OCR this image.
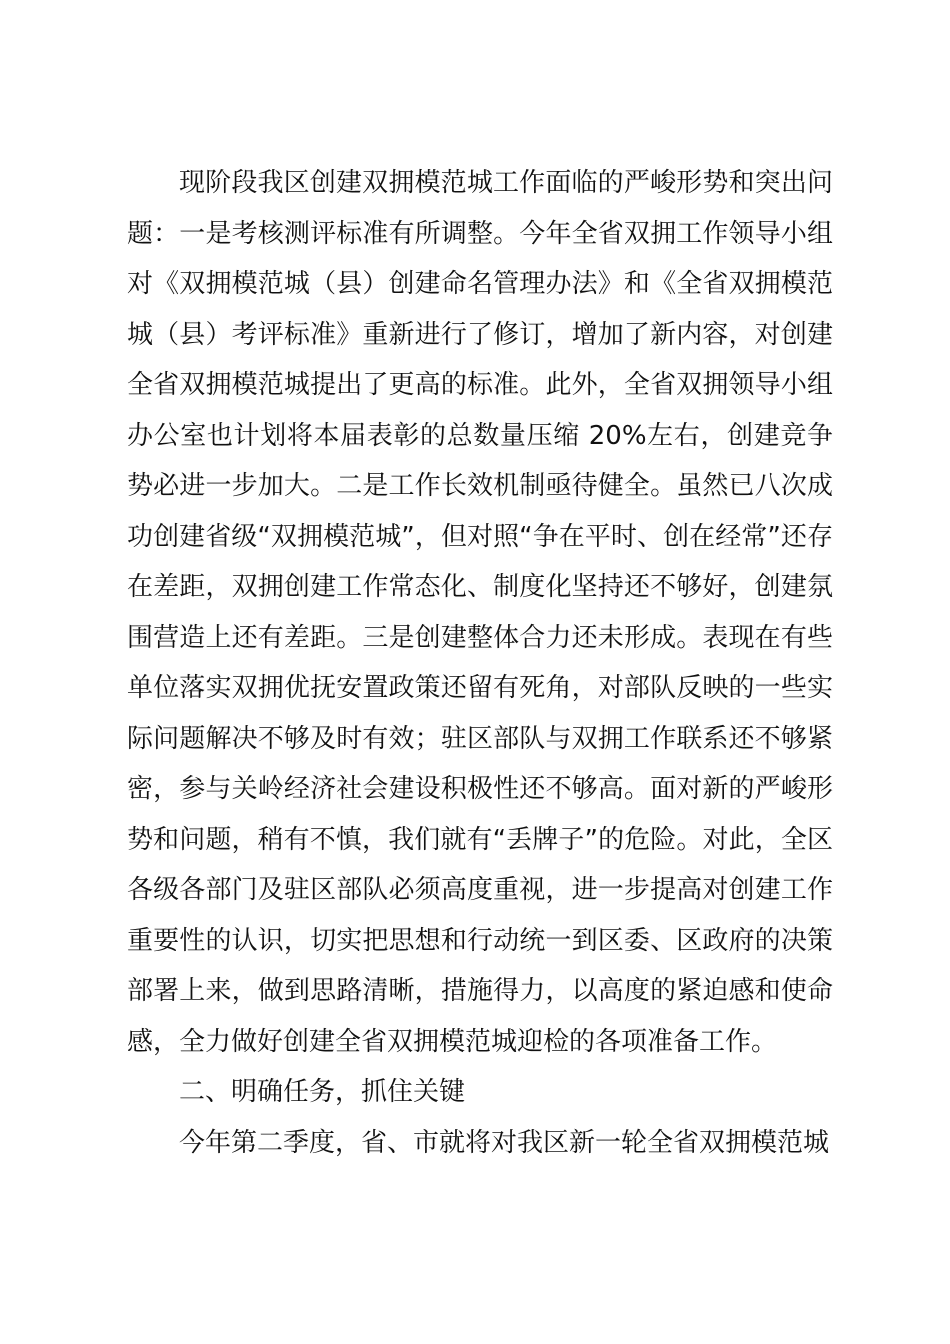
现阶段我区创建双拥模范城工作面临的严峻形势和突出问题：一是考核测评标准有所调整。今年全省双拥工作领导小组对《双拥模范城（县）创建命名管理办法》和《全省双拥模范城（县）考评标准》重新进行了修订，增加了新内容，对创建全省双拥模范城提出了更高的标准。此外，全省双拥领导小组办公室也计划将本届表彰的总数量压缩 20%左右，创建竞争势必进一步加大。二是工作长效机制亟待健全。虽然已八次成功创建省级“双拥模范城”，但对照“争在平时、创在经常”还存在差距，双拥创建工作常态化、制度化坚持还不够好，创建氛围营造上还有差距。三是创建整体合力还未形成。表现在有些单位落实双拥优抚安置政策还留有死角，对部队反映的一些实际问题解决不够及时有效；驻区部队与双拥工作联系还不够紧密，参与关岭经济社会建设积极性还不够高。面对新的严峻形势和问题，稍有不慎，我们就有“丢牌子”的危险。对此，全区各级各部门及驻区部队必须高度重视，进一步提高对创建工作重要性的认识，切实把思想和行动统一到区委、区政府的决策部署上来，做到思路清晰，措施得力，以高度的紧迫感和使命感，全力做好创建全省双拥模范城迎检的各项准备工作。

二、明确任务，抓住关键

今年第二季度，省、市就将对我区新一轮全省双拥模范城
